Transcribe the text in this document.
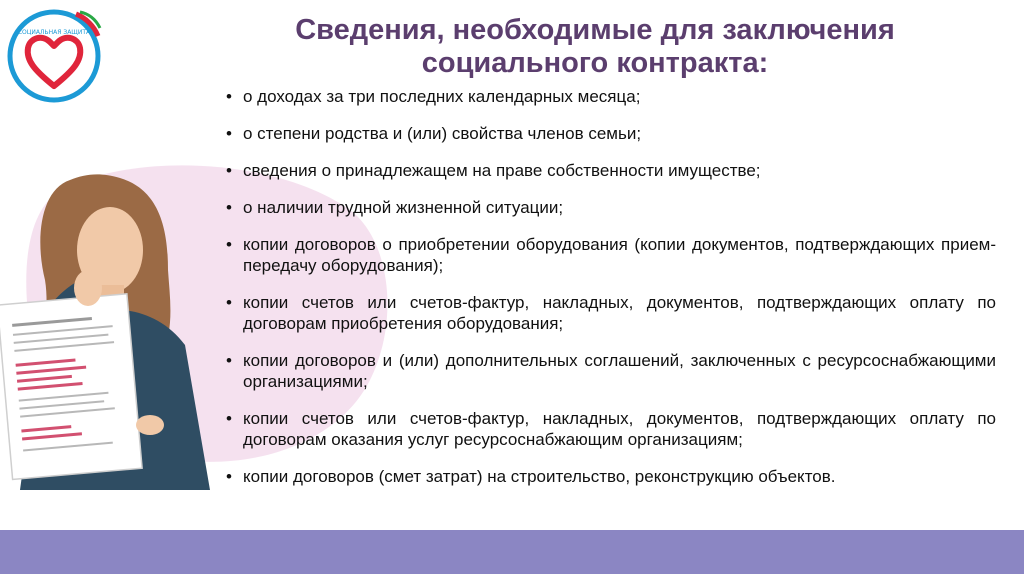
СОЦИАЛЬНАЯ ЗАЩИТА	Сведения, необходимые для заключения
социального контракта:
• о доходах за три последних календарных месяца;
• о степени родства и (или) свойства членов семьи;
• сведения о принадлежащем на праве собственности имуществе;
• о наличии трудной жизненной ситуации;
• копии договоров о приобретении оборудования (копии документов, подтверждающих прием-передачу оборудования);
• копии счетов или счетов-фактур, накладных, документов, подтверждающих оплату по договорам приобретения оборудования;
• копии договоров и (или) дополнительных соглашений, заключенных с ресурсоснабжающими организациями;
• копии счетов или счетов-фактур, накладных, документов, подтверждающих оплату по договорам оказания услуг ресурсоснабжающим организациям;
• копии договоров (смет затрат) на строительство, реконструкцию объектов.
